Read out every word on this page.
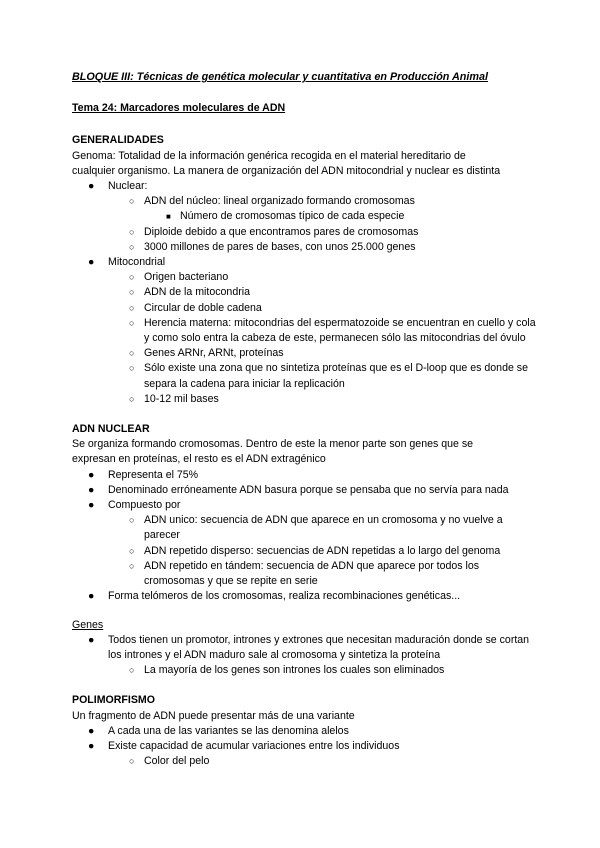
BLOQUE III: Técnicas de genética molecular y cuantitativa en Producción Animal

Tema 24: Marcadores moleculares de ADN

GENERALIDADES

Genoma: Totalidad de la información genérica recogida en el material hereditario de

cualquier organismo. La manera de organización del ADN mitocondrial y nuclear es distinta

● Nuclear:
○ ADN del núcleo: lineal organizado formando cromosomas
■ Número de cromosomas típico de cada especie
○ Diploide debido a que encontramos pares de cromosomas
○ 3000 millones de pares de bases, con unos 25.000 genes
● Mitocondrial
○ Origen bacteriano
○ ADN de la mitocondria
○ Circular de doble cadena
○ Herencia materna: mitocondrias del espermatozoide se encuentran en cuello y cola y como solo entra la cabeza de este, permanecen sólo las mitocondrias del óvulo
○ Genes ARNr, ARNt, proteínas
○ Sólo existe una zona que no sintetiza proteínas que es el D-loop que es donde se separa la cadena para iniciar la replicación
○ 10-12 mil bases

ADN NUCLEAR

Se organiza formando cromosomas. Dentro de este la menor parte son genes que se

expresan en proteínas, el resto es el ADN extragénico

● Representa el 75%
● Denominado erróneamente ADN basura porque se pensaba que no servía para nada
● Compuesto por
○ ADN unico: secuencia de ADN que aparece en un cromosoma y no vuelve a parecer
○ ADN repetido disperso: secuencias de ADN repetidas a lo largo del genoma
○ ADN repetido en tándem: secuencia de ADN que aparece por todos los cromosomas y que se repite en serie
● Forma telómeros de los cromosomas, realiza recombinaciones genéticas...

Genes

● Todos tienen un promotor, intrones y extrones que necesitan maduración donde se cortan los intrones y el ADN maduro sale al cromosoma y sintetiza la proteína
○ La mayoría de los genes son intrones los cuales son eliminados

POLIMORFISMO

Un fragmento de ADN puede presentar más de una variante

● A cada una de las variantes se las denomina alelos
● Existe capacidad de acumular variaciones entre los individuos
○ Color del pelo
